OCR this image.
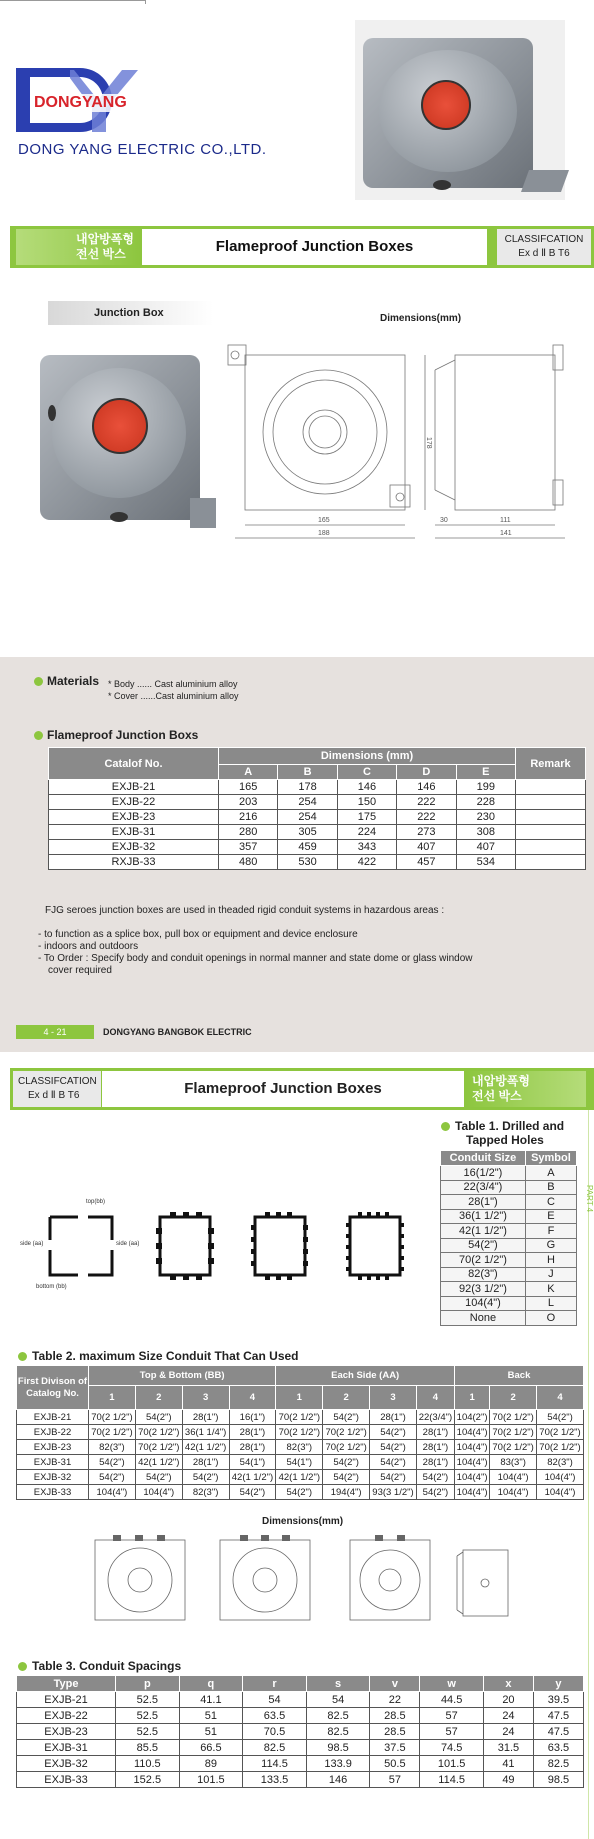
DONGYANG
DONG YANG ELECTRIC CO.,LTD.
내압방폭형
전선 박스	Flameproof Junction Boxes	CLASSIFCATION
Ex d Ⅱ B T6
Junction Box	Dimensions(mm)
178
165
188
30	111
141
Materials * Body ...... Cast aluminium alloy
* Cover ......Cast aluminium alloy
Flameproof Junction Boxs
Catalof No.	Dimensions (mm)					Remark
	A	B	C	D	E	
EXJB-21	165	178	146	146	199	
EXJB-22	203	254	150	222	228	
EXJB-23	216	254	175	222	230	
EXJB-31	280	305	224	273	308	
EXJB-32	357	459	343	407	407	
RXJB-33	480	530	422	457	534	
FJG seroes junction boxes are used in theaded rigid conduit systems in hazardous areas :
- to function as a splice box, pull box or equipment and device enclosure
- indoors and outdoors
- To Order : Specify body and conduit openings in normal manner and state dome or glass window
cover required
4 - 21	DONGYANG BANGBOK ELECTRIC
CLASSIFCATION
Ex d Ⅱ B T6	Flameproof Junction Boxes	내압방폭형
전선 박스
PART 4
Table 1. Drilled and
Tapped Holes
Conduit Size	Symbol
16(1/2")	A
22(3/4")	B
28(1")	C
36(1 1/2")	E
42(1 1/2")	F
54(2")	G
70(2 1/2")	H
82(3")	J
92(3 1/2")	K
104(4")	L
None	O
top(bb)
side (aa)	side (aa)
bottom (bb)
Table 2. maximum Size Conduit That Can Used
First Divison of Catalog No.	Top & Bottom (BB)				Each Side (AA)				Back		
	1	2	3	4	1	2	3	4	1	2	4
EXJB-21	70(2 1/2")	54(2")	28(1")	16(1")	70(2 1/2")	54(2")	28(1")	22(3/4")	104(2")	70(2 1/2")	54(2")
EXJB-22	70(2 1/2")	70(2 1/2")	36(1 1/4")	28(1")	70(2 1/2")	70(2 1/2")	54(2")	28(1")	104(4")	70(2 1/2")	70(2 1/2")
EXJB-23	82(3")	70(2 1/2")	42(1 1/2")	28(1")	82(3")	70(2 1/2")	54(2")	28(1")	104(4")	70(2 1/2")	70(2 1/2")
EXJB-31	54(2")	42(1 1/2")	28(1")	54(1")	54(1")	54(2")	54(2")	28(1")	104(4")	83(3")	82(3")
EXJB-32	54(2")	54(2")	54(2")	42(1 1/2")	42(1 1/2")	54(2")	54(2")	54(2")	104(4")	104(4")	104(4")
EXJB-33	104(4")	104(4")	82(3")	54(2")	54(2")	194(4")	93(3 1/2")	54(2")	104(4")	104(4")	104(4")
Dimensions(mm)
Table 3. Conduit Spacings
Type	p	q	r	s	v	w	x	y
EXJB-21	52.5	41.1	54	54	22	44.5	20	39.5
EXJB-22	52.5	51	63.5	82.5	28.5	57	24	47.5
EXJB-23	52.5	51	70.5	82.5	28.5	57	24	47.5
EXJB-31	85.5	66.5	82.5	98.5	37.5	74.5	31.5	63.5
EXJB-32	110.5	89	114.5	133.9	50.5	101.5	41	82.5
EXJB-33	152.5	101.5	133.5	146	57	114.5	49	98.5
